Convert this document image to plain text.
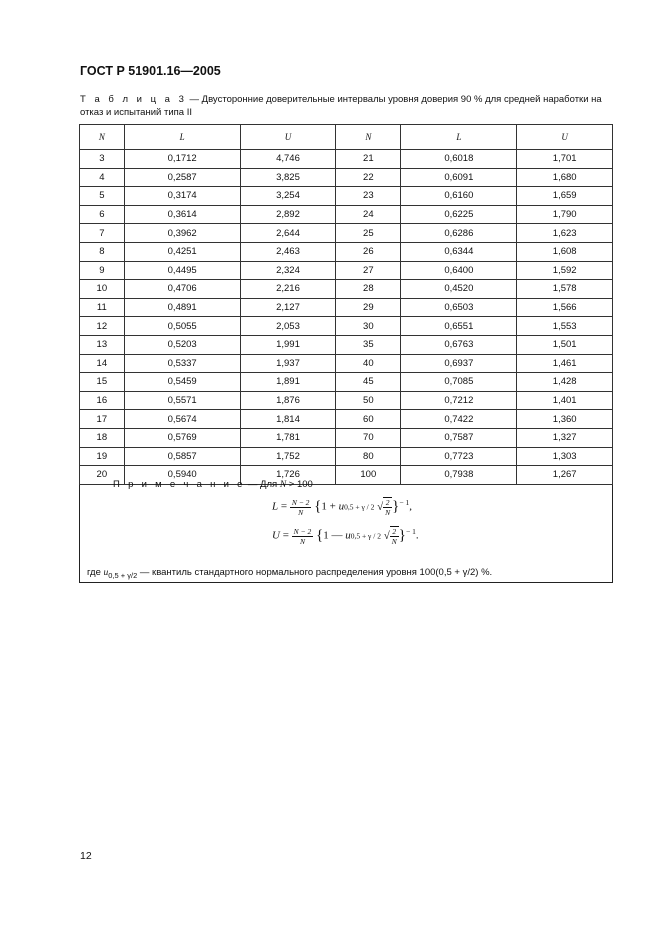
ГОСТ Р 51901.16—2005
Т а б л и ц а 3 — Двусторонние доверительные интервалы уровня доверия 90 % для средней наработки на отказ и испытаний типа II
N	L	U	N	L	U
3	0,1712	4,746	21	0,6018	1,701
4	0,2587	3,825	22	0,6091	1,680
5	0,3174	3,254	23	0,6160	1,659
6	0,3614	2,892	24	0,6225	1,790
7	0,3962	2,644	25	0,6286	1,623
8	0,4251	2,463	26	0,6344	1,608
9	0,4495	2,324	27	0,6400	1,592
10	0,4706	2,216	28	0,4520	1,578
11	0,4891	2,127	29	0,6503	1,566
12	0,5055	2,053	30	0,6551	1,553
13	0,5203	1,991	35	0,6763	1,501
14	0,5337	1,937	40	0,6937	1,461
15	0,5459	1,891	45	0,7085	1,428
16	0,5571	1,876	50	0,7212	1,401
17	0,5674	1,814	60	0,7422	1,360
18	0,5769	1,781	70	0,7587	1,327
19	0,5857	1,752	80	0,7723	1,303
20	0,5940	1,726	100	0,7938	1,267
П р и м е ч а н и е — Для N > 100
$L = \frac{N - 2}{N} \{1 + u0,5 + \gamma / 2$ √ $\frac{2}{N} \}^{- 1}$,
$U = \frac{N - 2}{N} \{1$ — u0,5 + γ / 2 √ $\frac{2}{N} \}^{- 1}$.
где $u_{0,5 + \gamma/2}$ — квантиль стандартного нормального распределения уровня 100(0,5 + γ/2) %.
12
